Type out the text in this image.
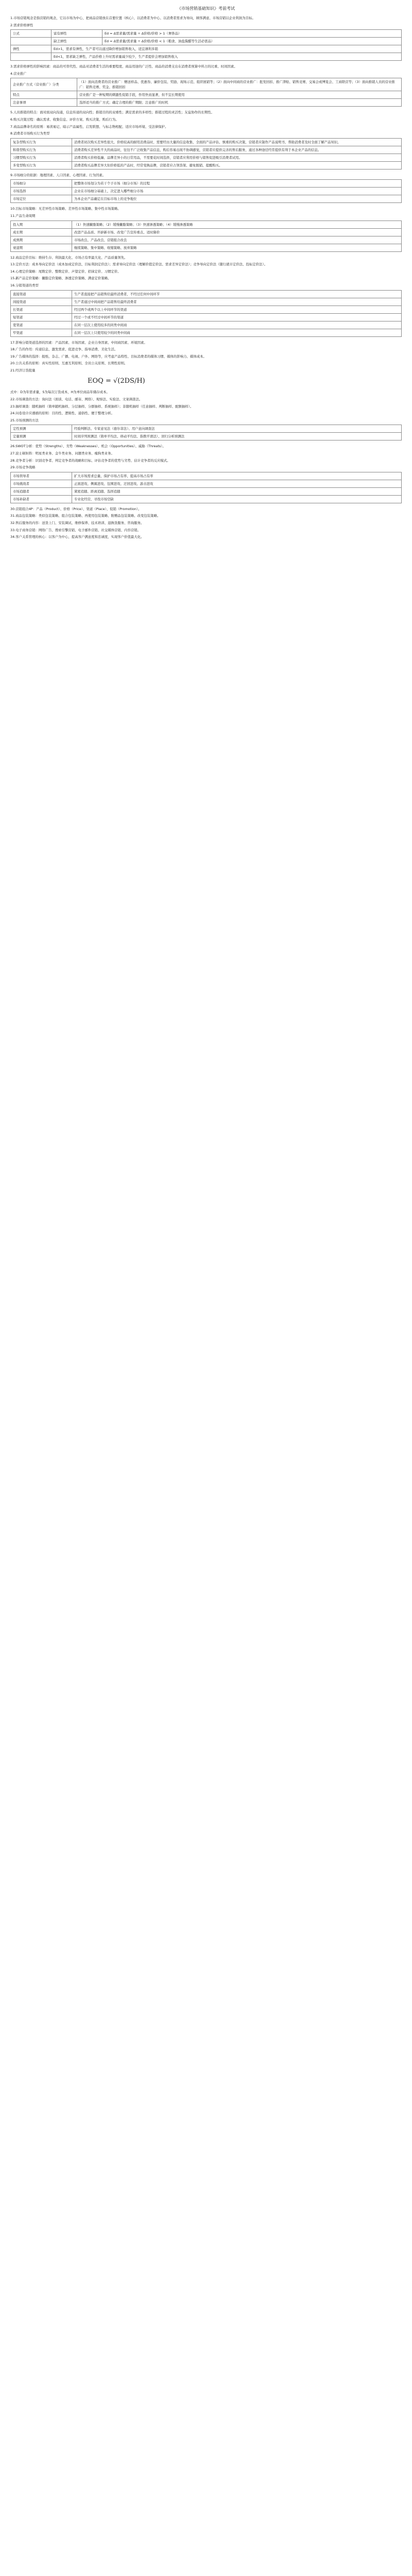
《市场营销基础知识》考前考试
1.市场营销观念是指营销的观念，它以市场为中心，把商品营销放在首要位置（核心）、以消费者为中心、以消费者需求为导向，顾客满意、市场营销以企业利润为目标。
2.需求价格弹性
公式	富有弹性	Ed = Δ需求量/需求量 ÷ Δ价格/价格 > 1（奢侈品）
	缺乏弹性	Ed = Δ需求量/需求量 ÷ Δ价格/价格 < 1（粮食、油盐酱醋等生活必需品）
弹性	Ed>1，需求有弹性，生产者可以通过降价增加销售收入，适宜薄利多销	
	Ed<1，需求缺乏弹性，产品价格上升时需求量减少较少，生产者提价会增加销售收入	
3.需求价格弹性的影响因素：商品的可替代性、商品对消费者生活的重要程度、商品用途的广泛性、商品的消费支出在消费者预算中所占的比重、时间因素。
4.营业推广
企业推广方式（营业推广）分类	（1）面向消费者的营业推广：赠送样品、优惠券、廉价包装、奖励、现场示范、组织展销等；（2）面向中间商的营业推广：批发回扣、推广津贴、销售竞赛、交易会或博览会、工商联营等；（3）面向推销人员的营业推广：销售竞赛、奖金、推销回扣
特点	营业推广是一种短期的刺激性促销手段，作用快而显著，但不宜长期使用
注意事项	选择适当的推广方式；确定合理的推广期限；注意推广的时机
5.人员推销的特点：面对面双向沟通，信息传递的双向性；推销目的的双重性；满足需求的多样性；推销过程的灵活性；友谊协作的长期性。
6.购买决策过程：确认需求、收集信息、评价方案、购买决策、购后行为。
7.商品品牌命名的原则：易读易记、暗示产品属性、启发联想、与标志物相配、适应市场环境、受法律保护。
8.消费者市场购买行为类型
复杂型购买行为	消费者初次购买差异性很大、价格较高的耐用消费品时，需要经历大量的信息收集、全面的产品评估、慎重的购买决策，营销者应制作产品说明书，帮助消费者及时全面了解产品知识。
和谐型购买行为	消费者购买差异性不大的商品时，往往不广泛收集产品信息，购后容易出现不协调感觉，营销者应提供完善的售后服务，通过各种途径经常提供有利于本企业产品的信息。
习惯型购买行为	消费者购买价格低廉、品牌差异小的日常用品，不需要花时间选择，营销者应利用价格与销售促进吸引消费者试用。
多变型购买行为	消费者购买品牌差异大但价格低的产品时，经常变换品牌，营销者应占领货架、避免脱销、提醒购买。
9.市场细分的依据：地理因素、人口因素、心理因素、行为因素。
市场细分	把整体市场划分为若干个子市场（细分市场）的过程
市场选择	企业在市场细分基础上，决定进入哪些细分市场
市场定位	为本企业产品确定在目标市场上的竞争地位
10.目标市场策略：无差异性市场策略、差异性市场策略、集中性市场策略。
11.产品生命周期
投入期	（1）快速撇脂策略；（2）缓慢撇脂策略；（3）快速渗透策略；（4）缓慢渗透策略
成长期	改进产品品质、开辟新市场、改变广告宣传重点、适时降价
成熟期	市场改良、产品改良、营销组合改良
衰退期	继续策略、集中策略、收缩策略、放弃策略
12.商品定价目标：维持生存、利润最大化、市场占有率最大化、产品质量领先。
13.定价方法：成本导向定价法（成本加成定价法、目标利润定价法）；需求导向定价法（理解价值定价法、需求差异定价法）；竞争导向定价法（随行就市定价法、投标定价法）。
14.心理定价策略：尾数定价、整数定价、声望定价、招徕定价、习惯定价。
15.新产品定价策略：撇脂定价策略、渗透定价策略、满意定价策略。
16.分销渠道的类型
直接渠道	生产者直接把产品销售给最终消费者，不经过任何中间环节
间接渠道	生产者通过中间商把产品销售给最终消费者
长渠道	经过两个或两个以上中间环节的渠道
短渠道	经过一个或不经过中间环节的渠道
宽渠道	在同一层次上使用较多的同类中间商
窄渠道	在同一层次上只使用较少的同类中间商
17.影响分销渠道选择的因素：产品因素、市场因素、企业自身因素、中间商因素、环境因素。
18.广告的作用：传递信息、激发需求、促进竞争、指导消费、美化生活。
19.广告媒体的选择：报纸、杂志、广播、电视、户外、网络等，应考虑产品特性、目标消费者的媒体习惯、媒体的影响力、媒体成本。
20.公共关系的原则：真实性原则、互惠互利原则、全员公关原则、长期性原则。
21.经济订货批量
EOQ = √(2DS/H)
式中：D为年需求量，S为每次订货成本，H为单位商品年储存成本。
22.市场调查的方法：询问法（面谈、电话、邮寄、网络）、观察法、实验法、文案调查法。
23.抽样调查：随机抽样（简单随机抽样、分层抽样、分群抽样、系统抽样）；非随机抽样（任意抽样、判断抽样、配额抽样）。
24.问卷设计应遵循的原则：目的性、逻辑性、通俗性、便于整理分析。
25.市场预测的方法
定性预测	经验判断法、专家意见法（德尔菲法）、用户意向调查法
定量预测	时间序列预测法（简单平均法、移动平均法、指数平滑法）、回归分析预测法
26.SWOT分析：优势（Strengths）、劣势（Weaknesses）、机会（Opportunities）、威胁（Threats）。
27.波士顿矩阵：明星类业务、金牛类业务、问题类业务、瘦狗类业务。
28.竞争者分析：识别竞争者、判定竞争者的战略和目标、评估竞争者的优势与劣势、估计竞争者的反应模式。
29.市场竞争战略
市场领导者	扩大市场需求总量、保护市场占有率、提高市场占有率
市场挑战者	正面进攻、侧翼进攻、包围进攻、迂回进攻、游击进攻
市场追随者	紧密追随、距离追随、选择追随
市场补缺者	专业化经营，寻找市场空缺
30.营销组合4P：产品（Product）、价格（Price）、渠道（Place）、促销（Promotion）。
31.商品包装策略：类似包装策略、组合包装策略、再使用包装策略、附赠品包装策略、改变包装策略。
32.售后服务的内容：送货上门、安装调试、维修保养、技术培训、退换货服务、咨询服务。
33.电子商务营销：网络广告、搜索引擎营销、电子邮件营销、社交媒体营销、内容营销。
34.客户关系管理的核心：以客户为中心，提高客户满意度和忠诚度，实现客户价值最大化。
